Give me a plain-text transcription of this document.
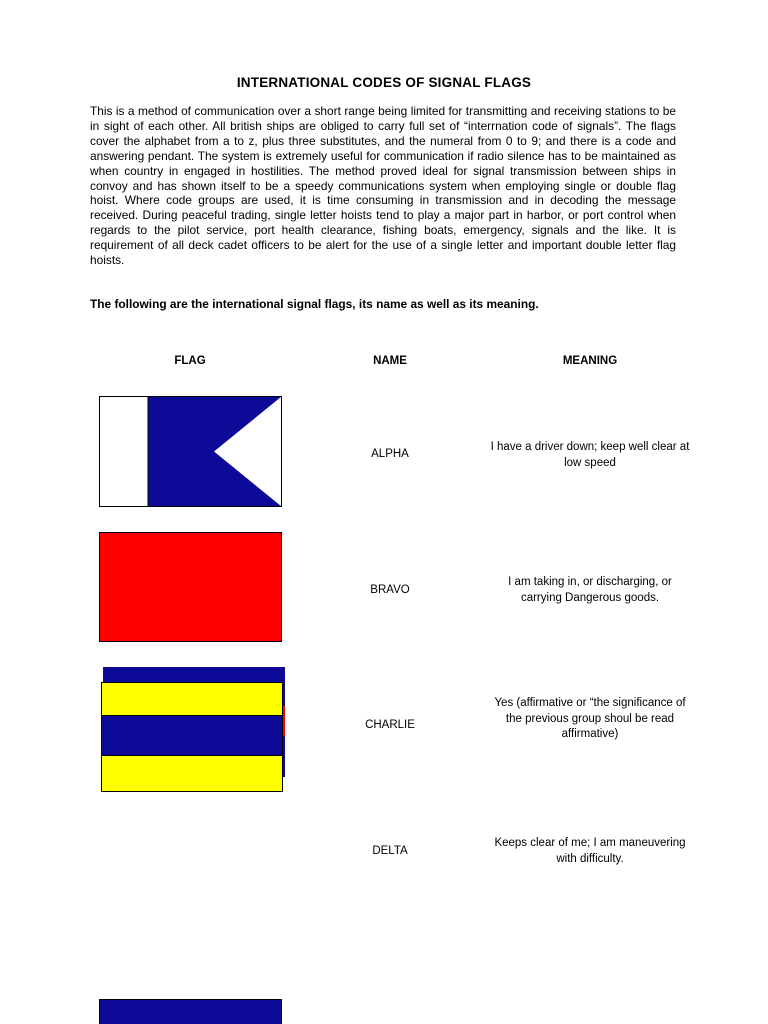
INTERNATIONAL CODES OF SIGNAL FLAGS
This is a method of communication over a short range being limited for transmitting and receiving stations to be in sight of each other. All british ships are obliged to carry full set of “interrnation code of signals”. The flags cover the alphabet from a to z, plus three substitutes, and the numeral from 0 to 9; and there is a code and answering pendant. The system is extremely useful for communication if radio silence has to be maintained as when country in engaged in hostilities. The method proved ideal for signal transmission between ships in convoy and has shown itself to be a speedy communications system when employing single or double flag hoist. Where code groups are used, it is time consuming in transmission and in decoding the message received. During peaceful trading, single letter hoists tend to play a major part in harbor, or port control when regards to the pilot service, port health clearance, fishing boats, emergency, signals and the like. It is requirement of all deck cadet officers to be alert for the use of a single letter and important double letter flag hoists.
The following are the international signal flags, its name as well as its meaning.
FLAG	NAME	MEANING
ALPHA
I have a driver down; keep well clear at low speed
BRAVO
I am taking in, or discharging, or carrying Dangerous goods.
CHARLIE
Yes (affirmative or “the significance of the previous group shoul be read affirmative)
DELTA
Keeps clear of me; I am maneuvering with difficulty.
